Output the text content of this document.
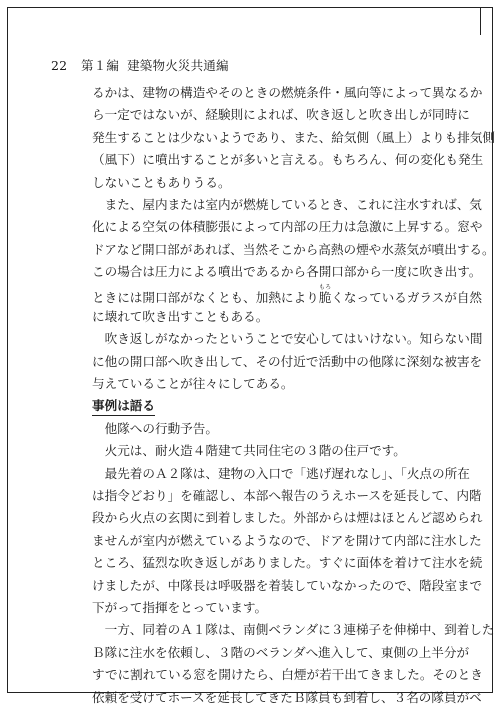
22 第１編 建築物火災共通編
るかは、建物の構造やそのときの燃焼条件・風向等によって異なるか
ら一定ではないが、経験則によれば、吹き返しと吹き出しが同時に
発生することは少ないようであり、また、給気側（風上）よりも排気側
（風下）に噴出することが多いと言える。もちろん、何の変化も発生
しないこともありうる。
また、屋内または室内が燃焼しているとき、これに注水すれば、気
化による空気の体積膨張によって内部の圧力は急激に上昇する。窓や
ドアなど開口部があれば、当然そこから高熱の煙や水蒸気が噴出する。
この場合は圧力による噴出であるから各開口部から一度に吹き出す。
ときには開口部がなくとも、加熱により脆もろくなっているガラスが自然
に壊れて吹き出すこともある。
吹き返しがなかったということで安心してはいけない。知らない間
に他の開口部へ吹き出して、その付近で活動中の他隊に深刻な被害を
与えていることが往々にしてある。
事例は語る
他隊への行動予告。
火元は、耐火造４階建て共同住宅の３階の住戸です。
最先着のＡ２隊は、建物の入口で「逃げ遅れなし」、「火点の所在
は指令どおり」を確認し、本部へ報告のうえホースを延長して、内階
段から火点の玄関に到着しました。外部からは煙はほとんど認められ
ませんが室内が燃えているようなので、ドアを開けて内部に注水した
ところ、猛烈な吹き返しがありました。すぐに面体を着けて注水を続
けましたが、中隊長は呼吸器を着装していなかったので、階段室まで
下がって指揮をとっています。
一方、同着のＡ１隊は、南側ベランダに３連梯子を伸梯中、到着した
Ｂ隊に注水を依頼し、３階のベランダへ進入して、東側の上半分が
すでに割れている窓を開けたら、白煙が若干出てきました。そのとき
依頼を受けてホースを延長してきたＢ隊員も到着し、３名の隊員がベ
